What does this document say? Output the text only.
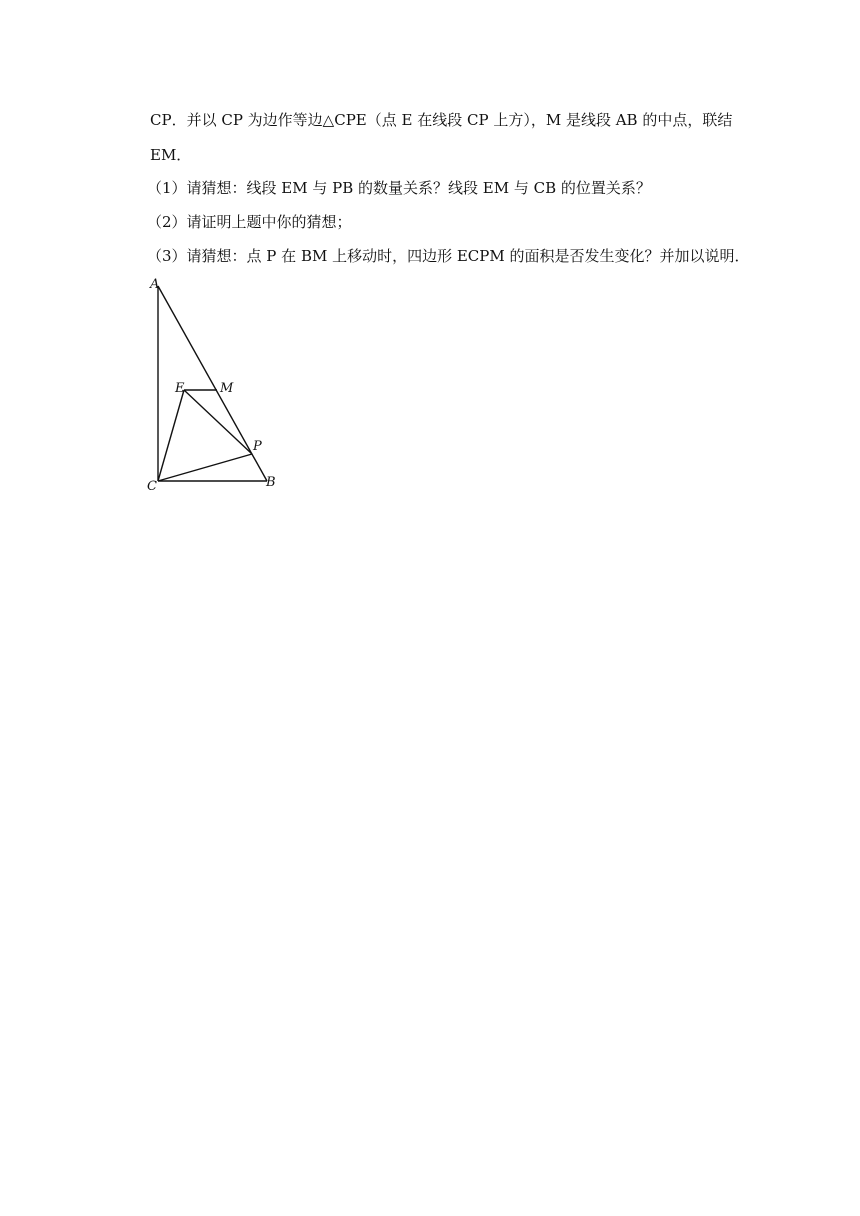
CP．并以 CP 为边作等边△CPE（点 E 在线段 CP 上方），M 是线段 AB 的中点，联结
EM．
（1）请猜想：线段 EM 与 PB 的数量关系？线段 EM 与 CB 的位置关系？
（2）请证明上题中你的猜想；
（3）请猜想：点 P 在 BM 上移动时，四边形 ECPM 的面积是否发生变化？并加以说明．
A
E	M
P
C	B
